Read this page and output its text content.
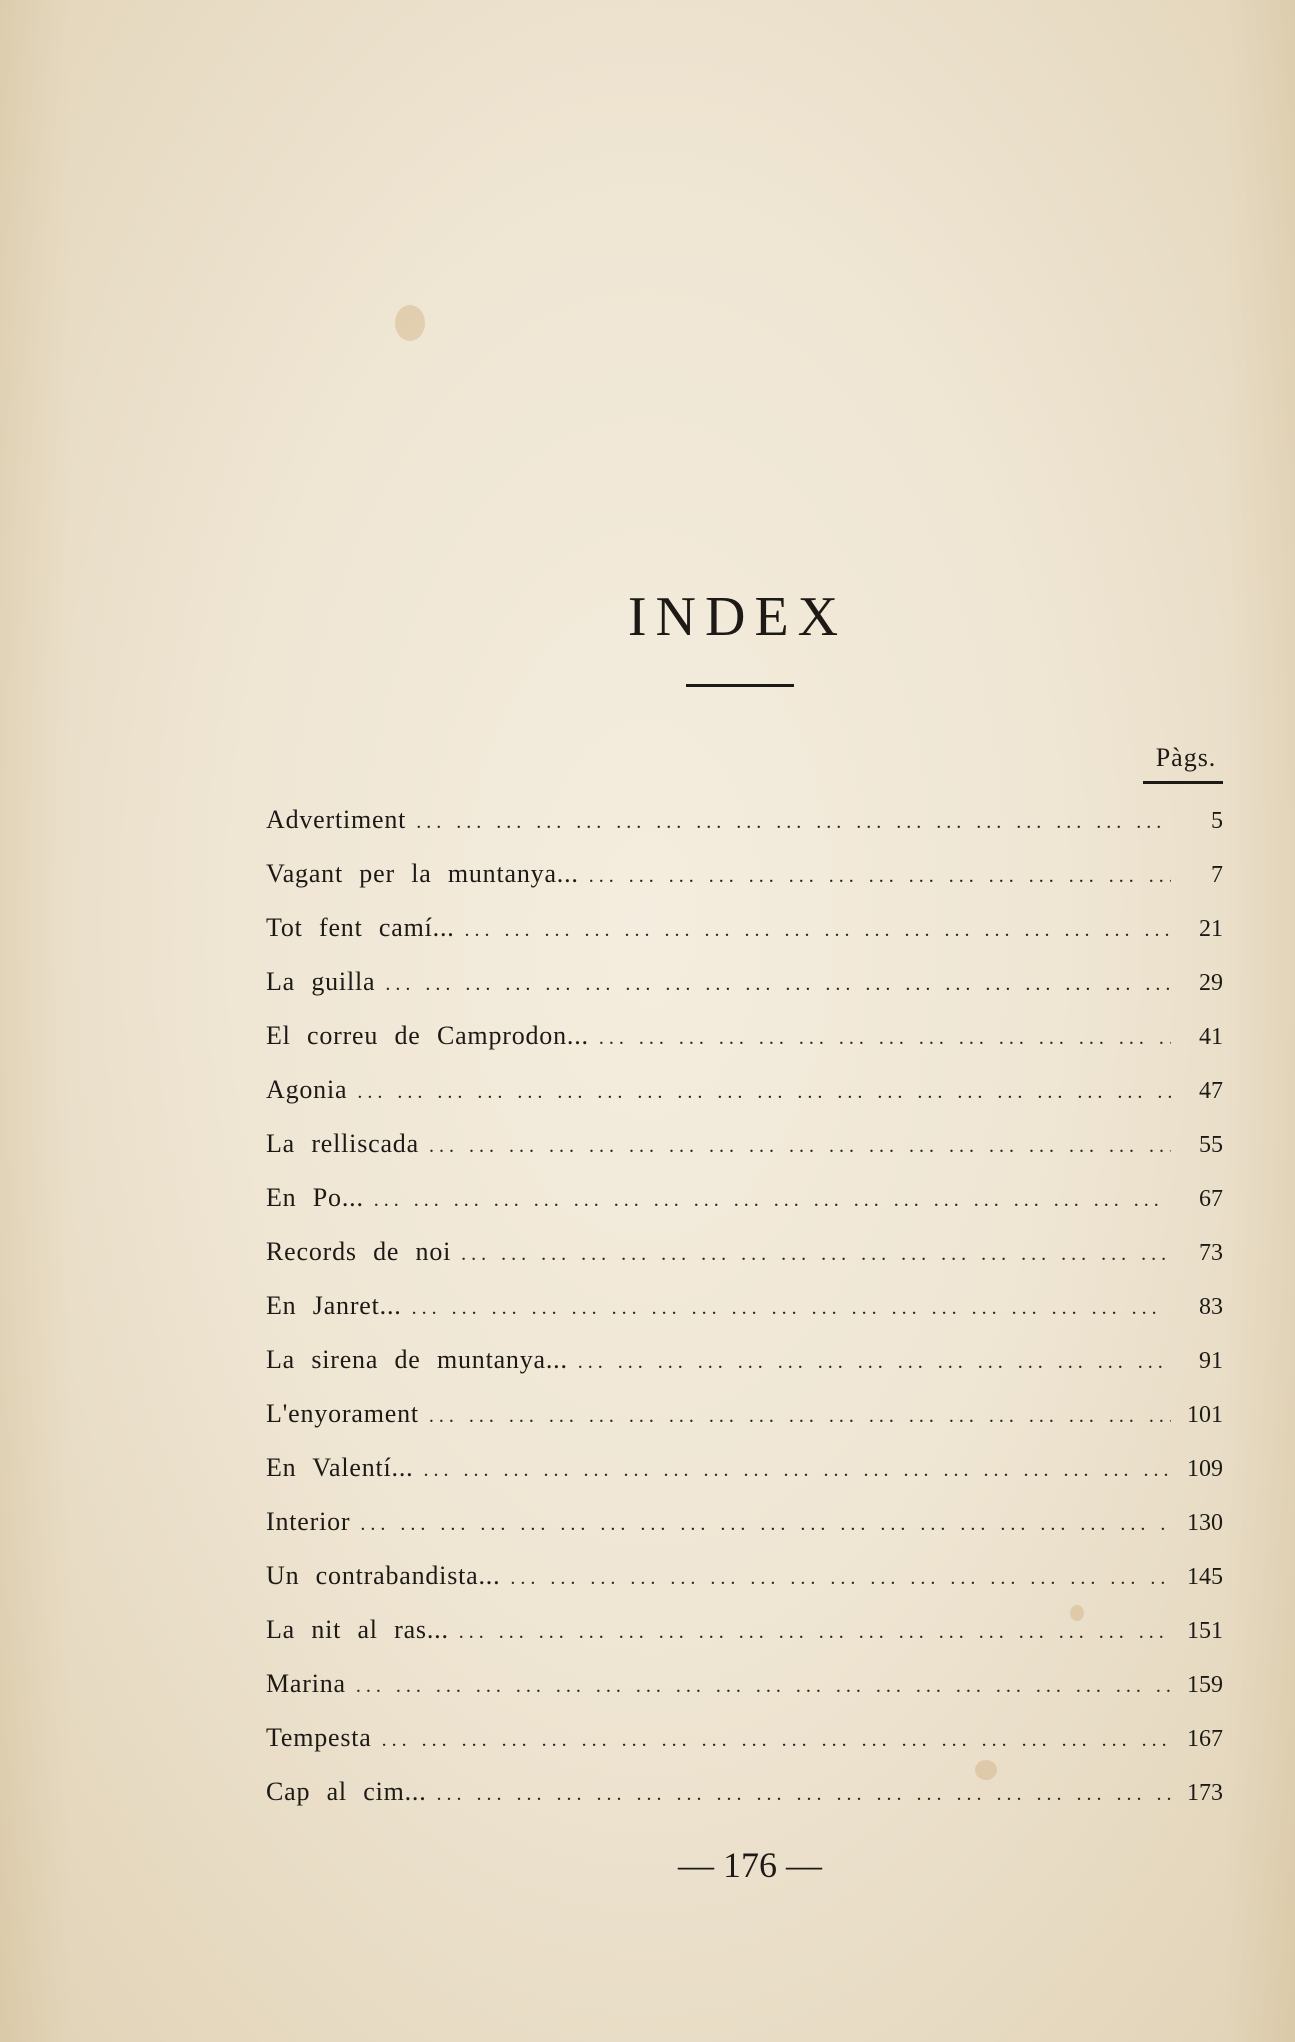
INDEX
Pàgs.
Advertiment ... .	5
Vagant per la muntanya... ... .	7
Tot fent camí... ... .	21
La guilla ... .	29
El correu de Camprodon... ... .	41
Agonia ... .	47
La relliscada ... .	55
En Po... ... .	67
Records de noi ... .	73
En Janret... ... .	83
La sirena de muntanya... ... .	91
L'enyorament ... .	101
En Valentí... ... .	109
Interior ... .	130
Un contrabandista... ... .	145
La nit al ras... ... .	151
Marina ... .	159
Tempesta ... .	167
Cap al cim... ... .	173
— 176 —
